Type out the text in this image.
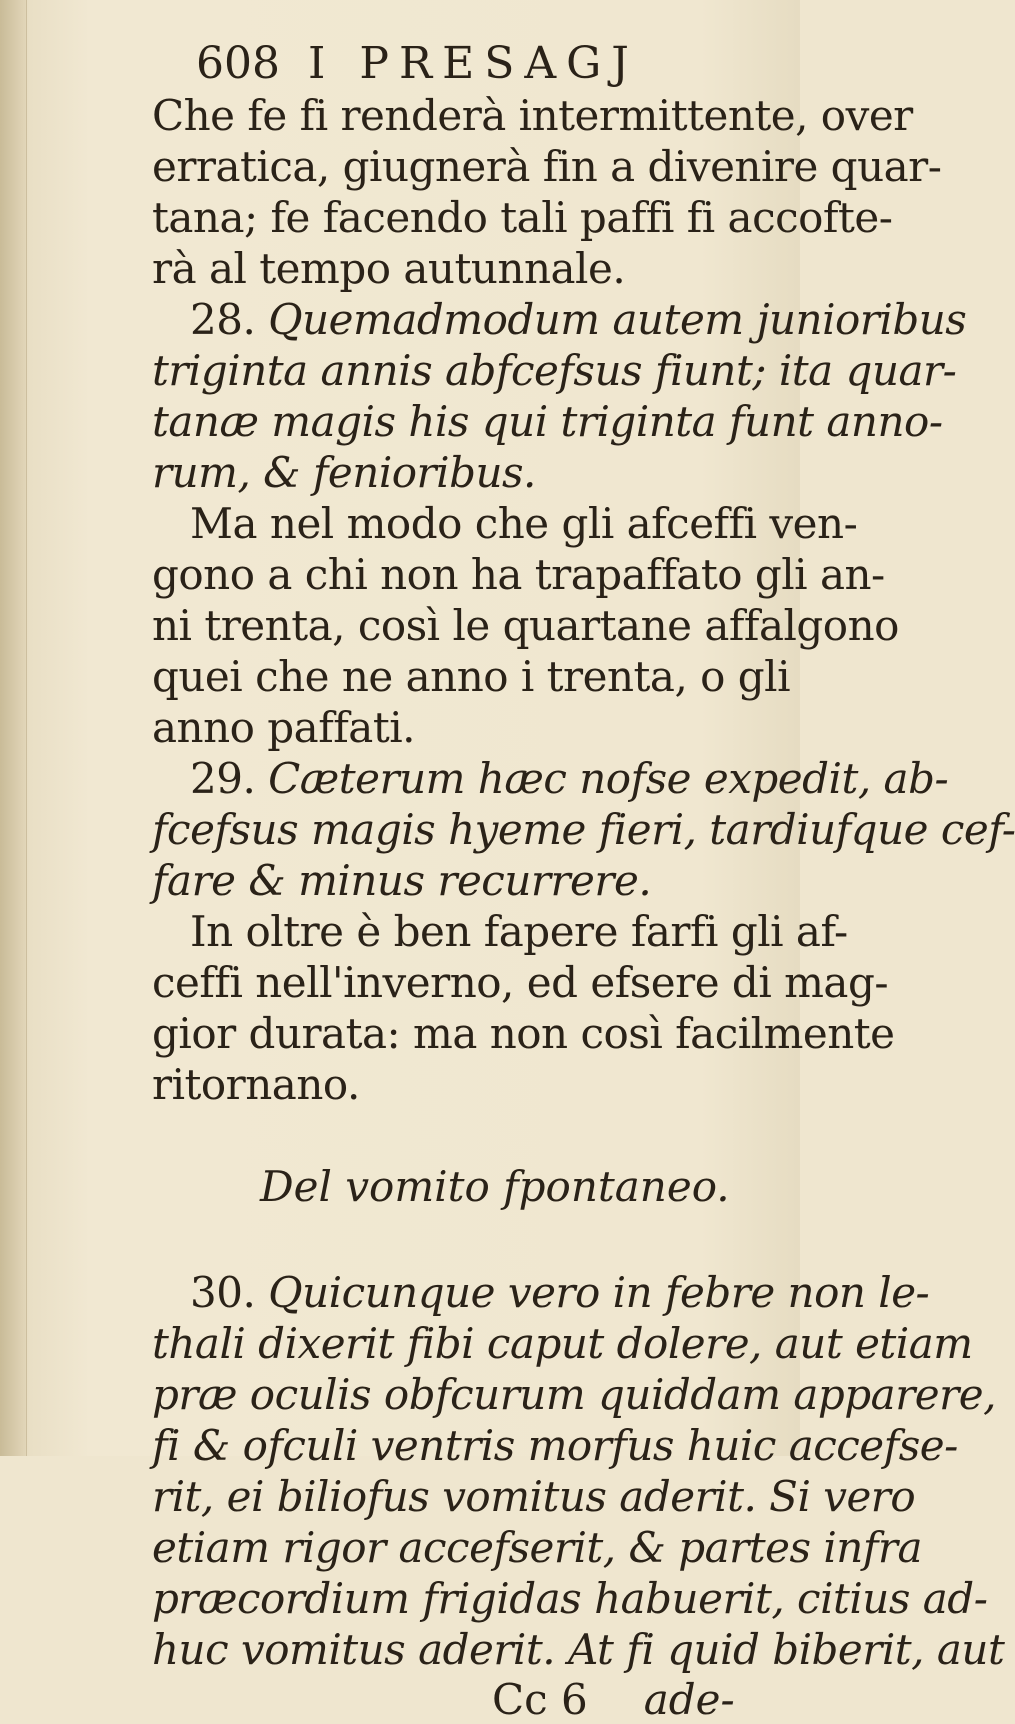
608 I PRESAGJ
Che fe fi renderà intermittente, over
erratica, giugnerà fin a divenire quar-
tana; fe facendo tali paffi fi accofte-
rà al tempo autunnale.
28. Quemadmodum autem junioribus
triginta annis abfcefsus fiunt; ita quar-
tanæ magis his qui triginta funt anno-
rum, & fenioribus.
Ma nel modo che gli afceffi ven-
gono a chi non ha trapaffato gli an-
ni trenta, così le quartane affalgono
quei che ne anno i trenta, o gli
anno paffati.
29. Cæterum hæc nofse expedit, ab-
fcefsus magis hyeme fieri, tardiufque cef-
fare & minus recurrere.
In oltre è ben fapere farfi gli af-
ceffi nell'inverno, ed efsere di mag-
gior durata: ma non così facilmente
ritornano.
Del vomito fpontaneo.
30. Quicunque vero in febre non le-
thali dixerit fibi caput dolere, aut etiam
præ oculis obfcurum quiddam apparere,
fi & ofculi ventris morfus huic accefse-
rit, ei biliofus vomitus aderit. Si vero
etiam rigor accefserit, & partes infra
præcordium frigidas habuerit, citius ad-
huc vomitus aderit. At fi quid biberit, aut
Cc 6 ade-
